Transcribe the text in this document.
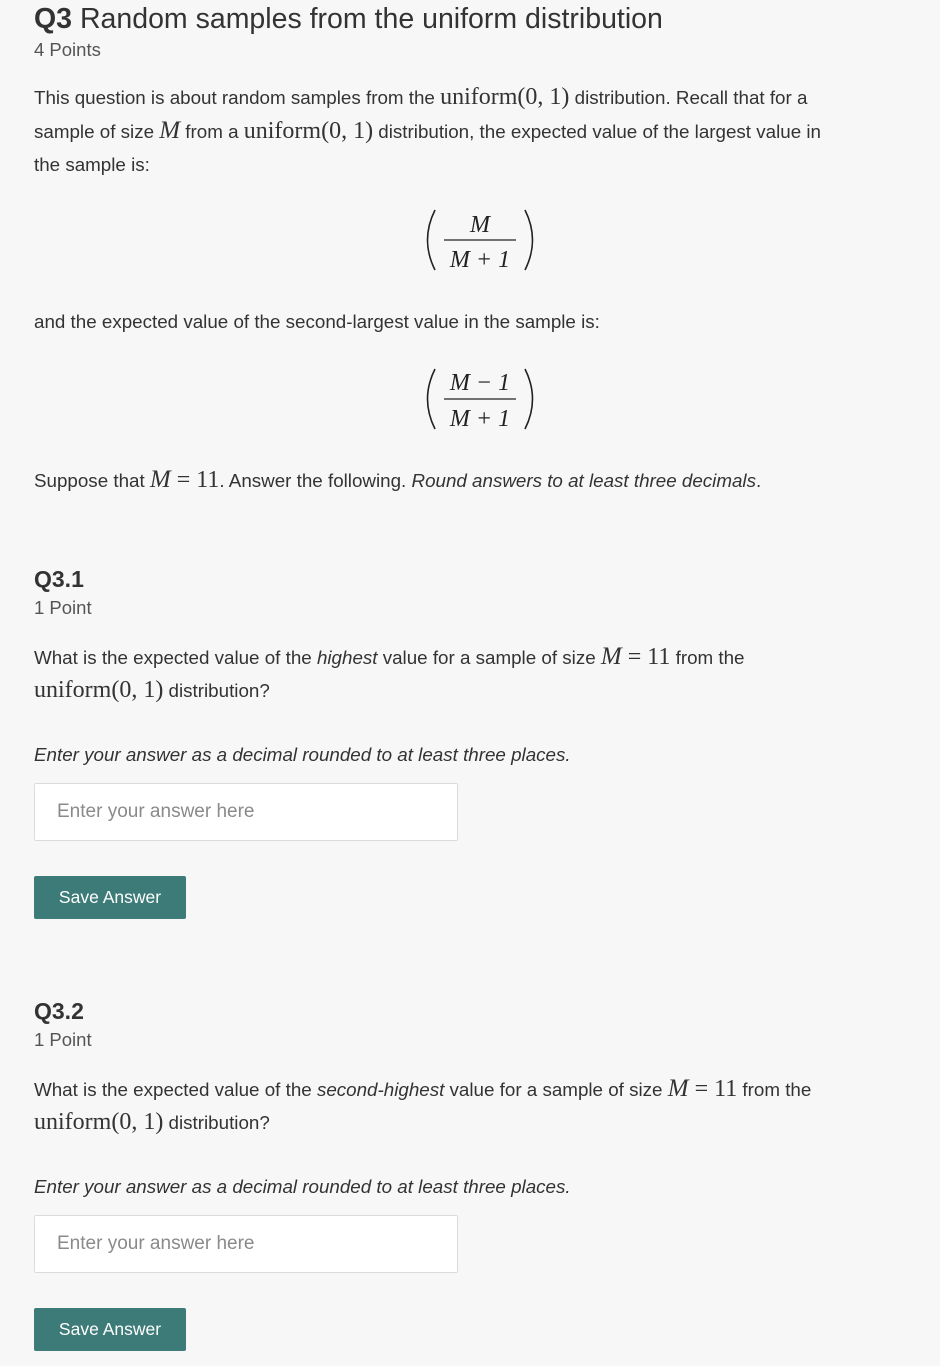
Q3 Random samples from the uniform distribution
4 Points
This question is about random samples from the uniform(0, 1) distribution. Recall that for a
sample of size M from a uniform(0, 1) distribution, the expected value of the largest value in
the sample is:
M
M + 1
and the expected value of the second-largest value in the sample is:
M − 1
M + 1
Suppose that M = 11. Answer the following. Round answers to at least three decimals.
Q3.1
1 Point
What is the expected value of the highest value for a sample of size M = 11 from the
uniform(0, 1) distribution?
Enter your answer as a decimal rounded to at least three places.
Enter your answer here
Save Answer
Q3.2
1 Point
What is the expected value of the second-highest value for a sample of size M = 11 from the
uniform(0, 1) distribution?
Enter your answer as a decimal rounded to at least three places.
Enter your answer here
Save Answer
